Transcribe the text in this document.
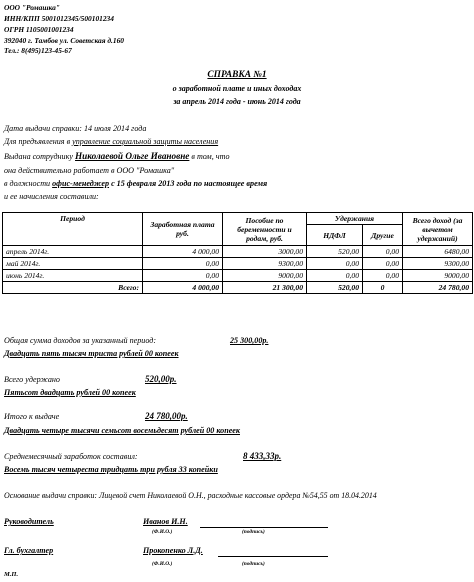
ООО "Ромашка"
ИНН/КПП 5001012345/500101234
ОГРН 1105001001234
392040 г. Тамбов ул. Советская д.160
Тел.: 8(495)123-45-67
СПРАВКА №1
о заработной плате и иных доходах
за апрель 2014 года - июнь 2014 года
Дата выдачи справки: 14 июля 2014 года
Для предъявления в управление социальной защиты населения
Выдана сотруднику Николаевой Ольге Ивановне в том, что
она действительно работает в ООО "Ромашка"
в должности офис-менеджер с 15 февраля 2013 года по настоящее время
и ее начисления составили:
Период	Заработная плата руб.	Пособие по беременности и родам, руб.	Удержания		Всего доход (за вычетом удержаний)
			НДФЛ	Другие	
апрель 2014г.	4 000,00	3000,00	520,00	0,00	6480,00
май 2014г.	0,00	9300,00	0,00	0,00	9300,00
июнь 2014г.	0,00	9000,00	0,00	0,00	9000,00
Всего:	4 000,00	21 300,00	520,00	0	24 780,00
Общая сумма доходов за указанный период:	25 300,00р.
Двадцать пять тысяч триста рублей 00 копеек
Всего удержано	520,00р.
Пятьсот двадцать рублей 00 копеек
Итого к выдаче	24 780,00р.
Двадцать четыре тысячи семьсот восемьдесят рублей 00 копеек
Среднемесячный заработок составил:	8 433,33р.
Восемь тысяч четыреста тридцать три рубля 33 копейки
Основание выдачи справки: Лицевой счет Николаевой О.Н., расходные кассовые ордера №54,55 от 18.04.2014
Руководитель	Иванов И.Н.
(Ф.И.О.)	(подпись)
Гл. бухгалтер	Прокопенко Л.Д.
(Ф.И.О.)	(подпись)
М.П.
